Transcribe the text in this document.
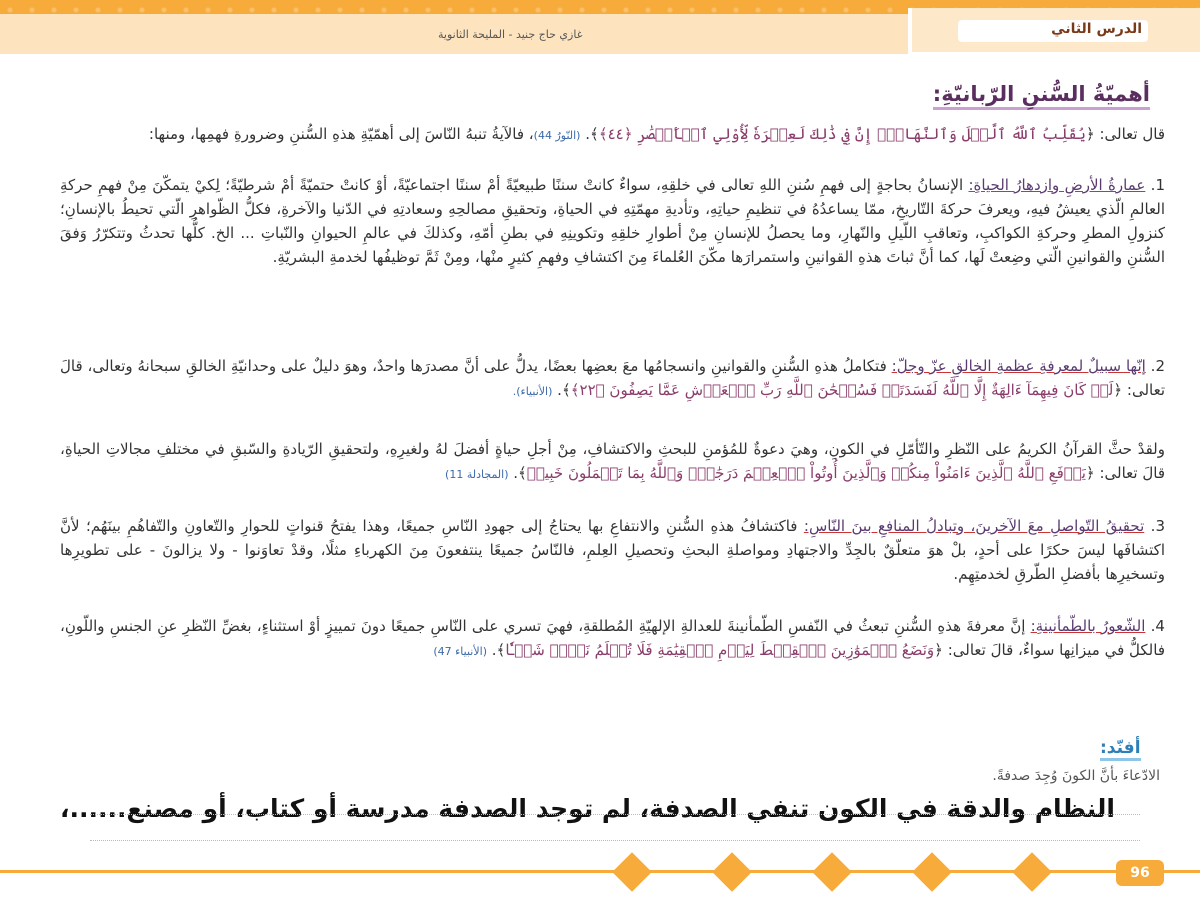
غازي حاج جنيد - المليحة الثانوية	الدرس الثاني
أهميّةُ السُّننِ الرّبانيّةِ:
قال تعالى: ﴿يُقَلِّبُ ٱللَّهُ ٱلَّيۡلَ وَٱلنَّهَارَۚ إِنَّ فِي ذَٰلِكَ لَعِبۡرَةٗ لِّأُوْلِي ٱلۡأَبۡصَٰرِ ﴿٤٤﴾﴾. (النّورُ 44)، فالآيةُ تنبهُ النّاسَ إلى أهمّيّةِ هذهِ السُّننِ وضرورةِ فهمِها، ومنها:
1. عمارةُ الأرضِ وازدهارُ الحياةِ: الإنسانُ بحاجةٍ إلى فهمِ سُننِ اللهِ تعالى في خلقِهِ، سواءٌ كانتْ سننًا طبيعيّةً أمْ سننًا اجتماعيّةً، أوْ كانتْ حتميّةً أمْ شرطيّةً؛ لِكيْ يتمكّنَ مِنْ فهمِ حركةِ العالمِ الّذي يعيشُ فيهِ، ويعرفَ حركةَ التّاريخِ، ممّا يساعدُهُ في تنظيمِ حياتِهِ، وتأديةِ مهمّتِهِ في الحياةِ، وتحقيقِ مصالحِهِ وسعادتِهِ في الدّنيا والآخرةِ، فكلُّ الظّواهرِ الّتي تحيطُ بالإنسانِ؛ كنزولِ المطرِ وحركةِ الكواكبِ، وتعاقبِ اللّيلِ والنّهارِ، وما يحصلُ للإنسانِ مِنْ أطوارِ خلقِهِ وتكوينِهِ في بطنِ أمّهِ، وكذلكَ في عالمِ الحيوانِ والنّباتِ ... الخ. كلُّها تحدثُ وتتكرّرُ وَفقَ السُّننِ والقوانينِ الّتي وضِعتْ لَها، كما أنَّ ثباتَ هذهِ القوانينِ واستمرارَها مكّنَ العُلماءَ مِنَ اكتشافِ وفهمِ كثيرٍ منْها، ومِنْ ثَمَّ توظيفُها لخدمةِ البشريّةِ.
2. إنّها سبيلٌ لمعرفةِ عظمةِ الخالقِ عزّ وجلّ: فتكاملُ هذهِ السُّننِ والقوانينِ وانسجامُها معَ بعضِها بعضًا، يدلُّ على أنَّ مصدرَها واحدٌ، وهوَ دليلٌ على وحدانيّةِ الخالقِ سبحانهُ وتعالى، قالَ تعالى: ﴿لَوۡ كَانَ فِيهِمَآ ءَالِهَةٌ إِلَّا ٱللَّهُ لَفَسَدَتَاۚ فَسُبۡحَٰنَ ٱللَّهِ رَبِّ ٱلۡعَرۡشِ عَمَّا يَصِفُونَ ﴿٢٢﴾﴾. (الأنبياء).
ولقدْ حثَّ القرآنُ الكريمُ على النّظرِ والتّأمّلِ في الكونِ، وهيَ دعوةٌ للمُؤمنِ للبحثِ والاكتشافِ، مِنْ أجلِ حياةٍ أفضلَ لهُ ولغيرِهِ، ولتحقيقِ الرّيادةِ والسّبقِ في مختلفِ مجالاتِ الحياةِ، قالَ تعالى: ﴿يَرۡفَعِ ٱللَّهُ ٱلَّذِينَ ءَامَنُواْ مِنكُمۡ وَٱلَّذِينَ أُوتُواْ ٱلۡعِلۡمَ دَرَجَٰتٖۚ وَٱللَّهُ بِمَا تَعۡمَلُونَ خَبِيرٞ﴾. (المجادلة 11)
3. تحقيقُ التّواصلِ معَ الآخرينَ، وتبادلُ المنافعِ بينَ النّاسِ: فاكتشافُ هذهِ السُّننِ والانتفاعِ بها يحتاجُ إلى جهودِ النّاسِ جميعًا، وهذا يفتحُ قنواتٍ للحوارِ والتّعاونِ والتّفاهُمِ بينَهُم؛ لأنَّ اكتشافَها ليسَ حكرًا على أحدٍ، بلْ هوَ متعلّقٌ بالجِدِّ والاجتهادِ ومواصلةِ البحثِ وتحصيلِ العِلمِ، فالنّاسُ جميعًا ينتفعونَ مِنَ الكهرباءِ مثلًا، وقدْ تعاوَنوا - ولا يزالونَ - على تطويرِها وتسخيرِها بأفضلِ الطّرقِ لخدمتِهِم.
4. الشّعورُ بالطّمأنينةِ: إنَّ معرفةَ هذهِ السُّننِ تبعثُ في النّفسِ الطّمأنينةَ للعدالةِ الإلهيّةِ المُطلقةِ، فهيَ تسري على النّاسِ جميعًا دونَ تمييزٍ أوْ استثناءٍ، بغضِّ النّظرِ عنِ الجنسِ واللّونِ، فالكلُّ في ميزانِها سواءٌ، قالَ تعالى: ﴿وَنَضَعُ ٱلۡمَوَٰزِينَ ٱلۡقِسۡطَ لِيَوۡمِ ٱلۡقِيَٰمَةِ فَلَا تُظۡلَمُ نَفۡسٞ شَيۡـٔٗا﴾. (الأنبياء 47)
أفنّد:
الادّعاءَ بأنَّ الكونَ وُجِدَ صدفةً.
النظام والدقة في الكون تنفي الصدفة، لم توجد الصدفة مدرسة أو كتاب، أو مصنع......،
96
